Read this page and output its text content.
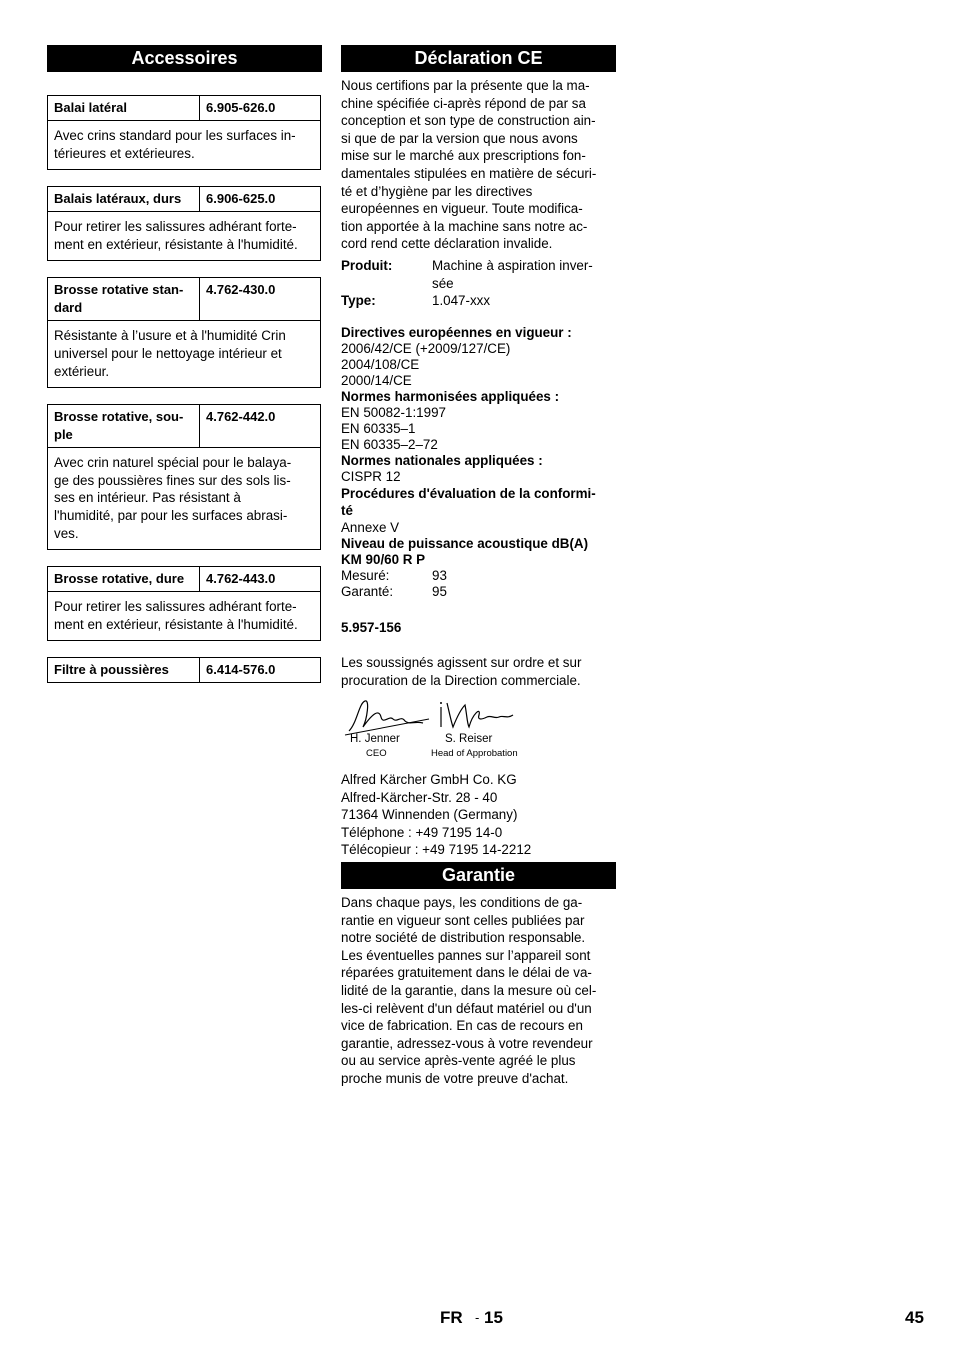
Accessoires
Balai latéral	6.905-626.0
Avec crins standard pour les surfaces in-
térieures et extérieures.
Balais latéraux, durs	6.906-625.0
Pour retirer les salissures adhérant forte-
ment en extérieur, résistante à l'humidité.
Brosse rotative stan-
dard
4.762-430.0
Résistante à l’usure et à l'humidité Crin
universel pour le nettoyage intérieur et
extérieur.
Brosse rotative, sou-
ple
4.762-442.0
Avec crin naturel spécial pour le balaya-
ge des poussières fines sur des sols lis-
ses en intérieur. Pas résistant à
l'humidité, par pour les surfaces abrasi-
ves.
Brosse rotative, dure	4.762-443.0
Pour retirer les salissures adhérant forte-
ment en extérieur, résistante à l'humidité.
Filtre à poussières	6.414-576.0
Déclaration CE

Nous certifions par la présente que la ma-
chine spécifiée ci-après répond de par sa
conception et son type de construction ain-
si que de par la version que nous avons
mise sur le marché aux prescriptions fon-
damentales stipulées en matière de sécuri-
té et d’hygiène par les directives
européennes en vigueur. Toute modifica-
tion apportée à la machine sans notre ac-
cord rend cette déclaration invalide.

Produit:	Machine à aspiration inver-
sée
Type:	1.047-xxx
Directives européennes en vigueur :
2006/42/CE (+2009/127/CE)
2004/108/CE
2000/14/CE
Normes harmonisées appliquées :
EN 50082-1:1997
EN 60335–1
EN 60335–2–72
Normes nationales appliquées :
CISPR 12
Procédures d'évaluation de la conformi-
té
Annexe V
Niveau de puissance acoustique dB(A)
KM 90/60 R P
Mesuré:	93
Garanté:	95
5.957-156

Les soussignés agissent sur ordre et sur
procuration de la Direction commerciale.

H. Jenner
CEO
S. Reiser
Head of Approbation
Alfred Kärcher GmbH Co. KG
Alfred-Kärcher-Str. 28 - 40
71364 Winnenden (Germany)
Téléphone : +49 7195 14-0
Télécopieur : +49 7195 14-2212
Garantie

Dans chaque pays, les conditions de ga-
rantie en vigueur sont celles publiées par
notre société de distribution responsable.
Les éventuelles pannes sur l’appareil sont
réparées gratuitement dans le délai de va-
lidité de la garantie, dans la mesure où cel-
les-ci relèvent d'un défaut matériel ou d'un
vice de fabrication. En cas de recours en
garantie, adressez-vous à votre revendeur
ou au service après-vente agréé le plus
proche munis de votre preuve d'achat.

FR - 15	45
